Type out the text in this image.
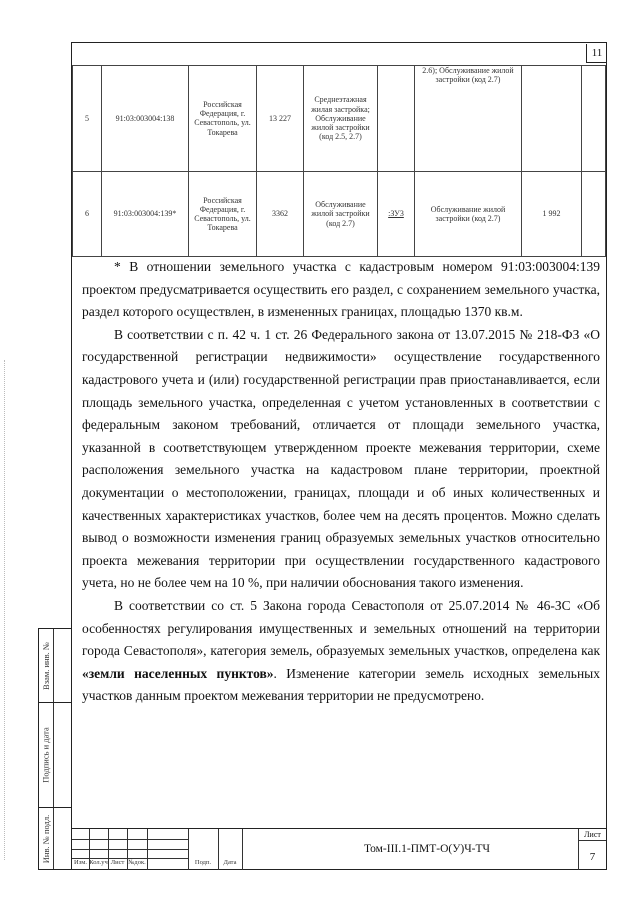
11
5	91:03:003004:138	Российская Федерация, г. Севастополь, ул. Токарева	13 227	Среднеэтажная жилая застройка; Обслуживание жилой застройки (код 2.5, 2.7)		2.6); Обслуживание жилой застройки (код 2.7)		
6	91:03:003004:139*	Российская Федерация, г. Севастополь, ул. Токарева	3362	Обслуживание жилой застройки (код 2.7)	:ЗУ3	Обслуживание жилой застройки (код 2.7)	1 992	

* В отношении земельного участка с кадастровым номером 91:03:003004:139 проектом предусматривается осуществить его раздел, с сохранением земельного участка, раздел которого осуществлен, в измененных границах, площадью 1370 кв.м.

В соответствии с п. 42 ч. 1 ст. 26 Федерального закона от 13.07.2015 № 218-ФЗ «О государственной регистрации недвижимости» осуществление государственного кадастрового учета и (или) государственной регистрации прав приостанавливается, если площадь земельного участка, определенная с учетом установленных в соответствии с федеральным законом требований, отличается от площади земельного участка, указанной в соответствующем утвержденном проекте межевания территории, схеме расположения земельного участка на кадастровом плане территории, проектной документации о местоположении, границах, площади и об иных количественных и качественных характеристиках участков, более чем на десять процентов. Можно сделать вывод о возможности изменения границ образуемых земельных участков относительно проекта межевания территории при осуществлении государственного кадастрового учета, но не более чем на 10 %, при наличии обоснования такого изменения.

В соответствии со ст. 5 Закона города Севастополя от 25.07.2014 № 46-ЗС «Об особенностях регулирования имущественных и земельных отношений на территории города Севастополя», категория земель, образуемых земельных участков, определена как «земли населенных пунктов». Изменение категории земель исходных земельных участков данным проектом межевания территории не предусмотрено.

Изм. Кол.уч Лист №док.	Подп.	Дата
Том-III.1-ПМТ-О(У)Ч-ТЧ
Лист
7
Взам. инв. №
Подпись и дата
Инв. № подл.
